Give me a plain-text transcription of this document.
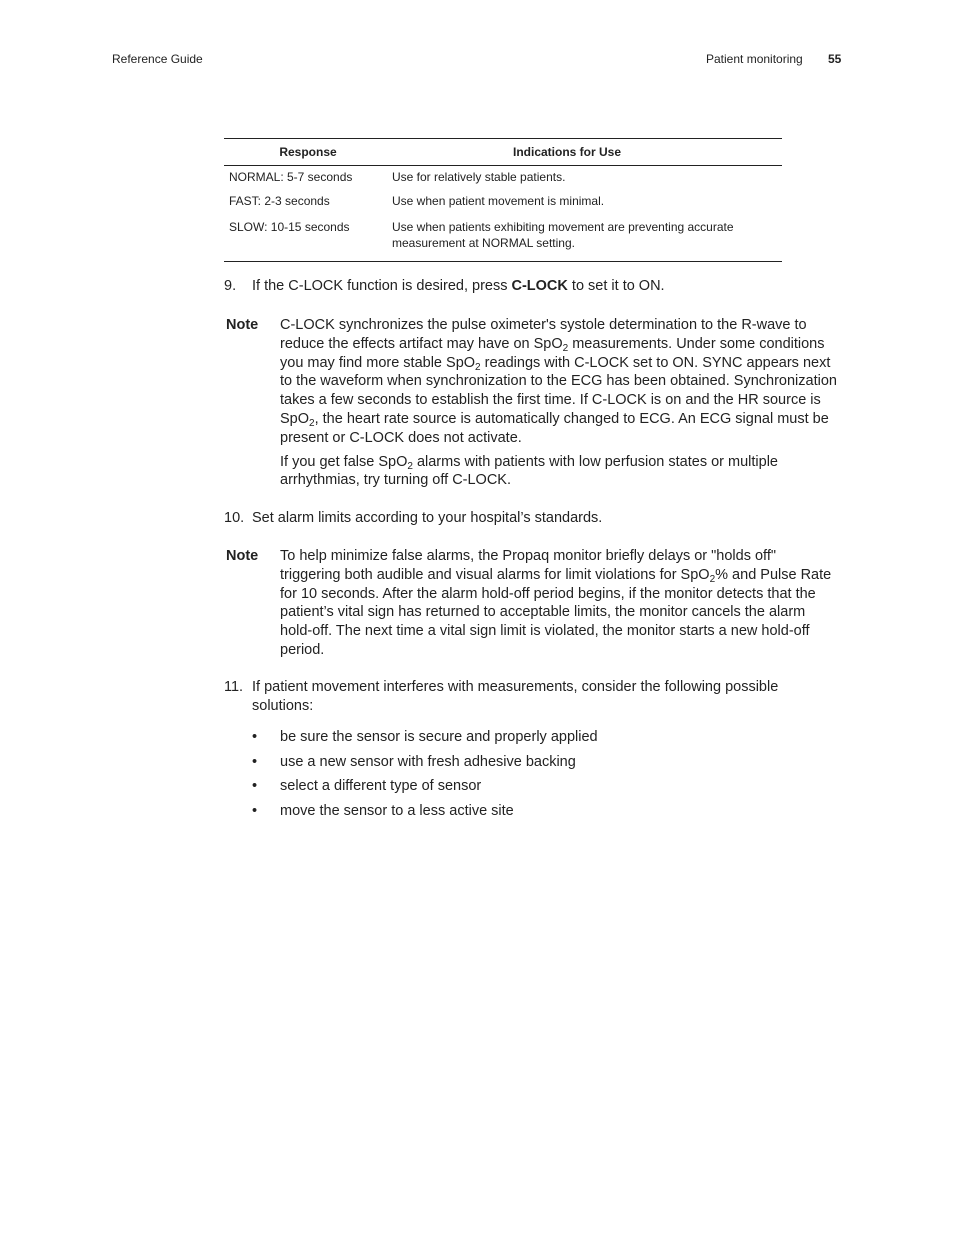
Reference Guide	Patient monitoring 55
Response	Indications for Use
NORMAL: 5-7 seconds	Use for relatively stable patients.
FAST: 2-3 seconds	Use when patient movement is minimal.
SLOW: 10-15 seconds	Use when patients exhibiting movement are preventing accurate measurement at NORMAL setting.
9. If the C-LOCK function is desired, press C-LOCK to set it to ON.
Note C-LOCK synchronizes the pulse oximeter's systole determination to the R-wave to reduce the effects artifact may have on SpO$_2$ measurements. Under some conditions you may find more stable SpO$_2$ readings with C-LOCK set to ON. SYNC appears next to the waveform when synchronization to the ECG has been obtained. Synchronization takes a few seconds to establish the first time. If C-LOCK is on and the HR source is SpO$_2$, the heart rate source is automatically changed to ECG. An ECG signal must be present or C-LOCK does not activate.

If you get false SpO$_2$ alarms with patients with low perfusion states or multiple arrhythmias, try turning off C-LOCK.

10. Set alarm limits according to your hospital’s standards.
Note To help minimize false alarms, the Propaq monitor briefly delays or "holds off" triggering both audible and visual alarms for limit violations for SpO$_2$% and Pulse Rate for 10 seconds. After the alarm hold-off period begins, if the monitor detects that the patient’s vital sign has returned to acceptable limits, the monitor cancels the alarm hold-off. The next time a vital sign limit is violated, the monitor starts a new hold-off period.

11. If patient movement interferes with measurements, consider the following possible solutions:
• be sure the sensor is secure and properly applied
• use a new sensor with fresh adhesive backing
• select a different type of sensor
• move the sensor to a less active site
